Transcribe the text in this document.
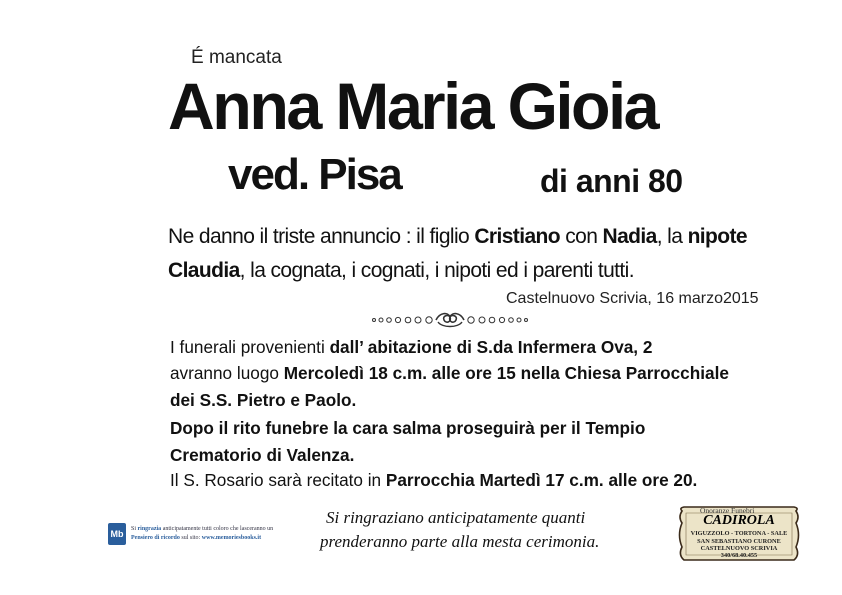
É mancata
Anna Maria Gioia
ved. Pisa	di anni 80
Ne danno il triste annuncio : il figlio Cristiano con Nadia, la nipote
Claudia, la cognata, i cognati, i nipoti ed i parenti tutti.
Castelnuovo Scrivia, 16 marzo2015
I funerali provenienti dall’ abitazione di S.da Infermera Ova, 2
avranno luogo Mercoledì 18 c.m. alle ore 15 nella Chiesa Parrocchiale
dei S.S. Pietro e Paolo.
Dopo il rito funebre la cara salma proseguirà per il Tempio
Crematorio di Valenza.
Il S. Rosario sarà recitato in Parrocchia Martedì 17 c.m. alle ore 20.
Si ringraziano anticipatamente quanti
prenderanno parte alla mesta cerimonia.
Mb	Si ringrazia anticipatamente tutti coloro che lasceranno un
Pensiero di ricordo sul sito: www.memoriesbooks.it
Onoranze Funebri
CADIROLA
VIGUZZOLO - TORTONA - SALE
SAN SEBASTIANO CURONE
CASTELNUOVO SCRIVIA
340/68.40.455
